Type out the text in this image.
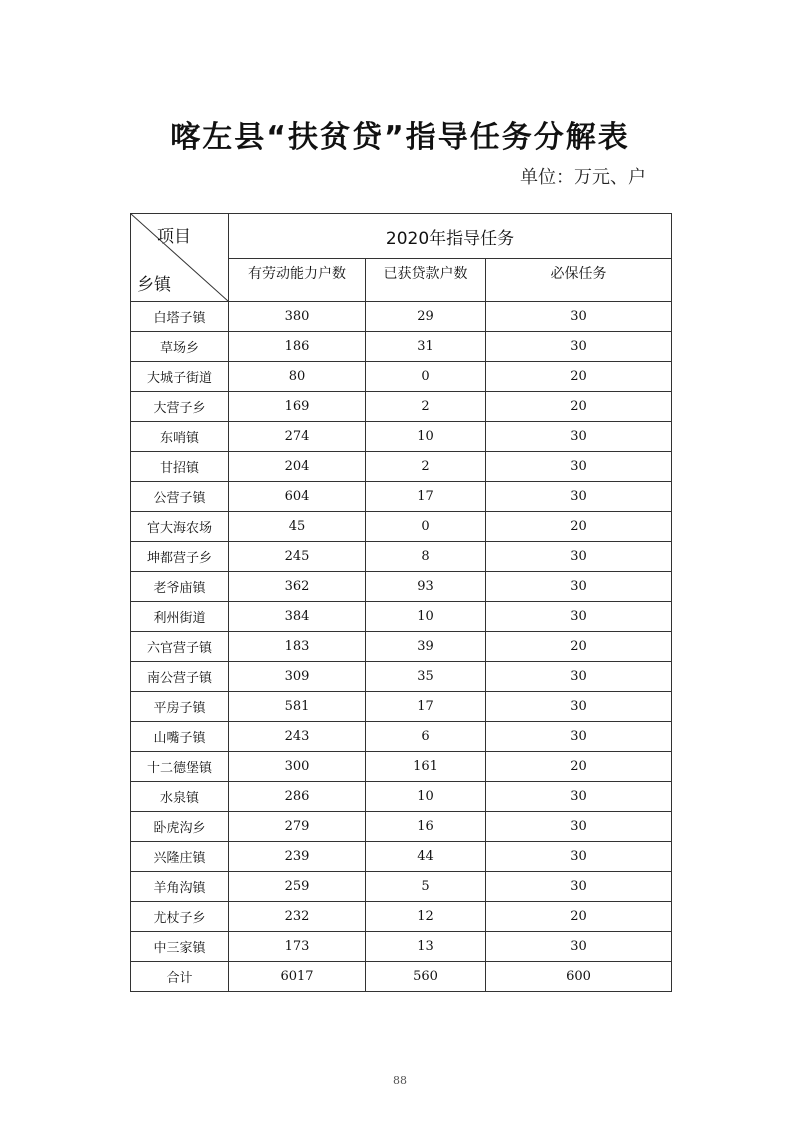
喀左县“扶贫贷”指导任务分解表
单位：万元、户
项目
乡镇	2020年指导任务		
	有劳动能力户数	已获贷款户数	必保任务
白塔子镇	380	29	30
草场乡	186	31	30
大城子街道	80	0	20
大营子乡	169	2	20
东哨镇	274	10	30
甘招镇	204	2	30
公营子镇	604	17	30
官大海农场	45	0	20
坤都营子乡	245	8	30
老爷庙镇	362	93	30
利州街道	384	10	30
六官营子镇	183	39	20
南公营子镇	309	35	30
平房子镇	581	17	30
山嘴子镇	243	6	30
十二德堡镇	300	161	20
水泉镇	286	10	30
卧虎沟乡	279	16	30
兴隆庄镇	239	44	30
羊角沟镇	259	5	30
尤杖子乡	232	12	20
中三家镇	173	13	30
合计	6017	560	600
88
